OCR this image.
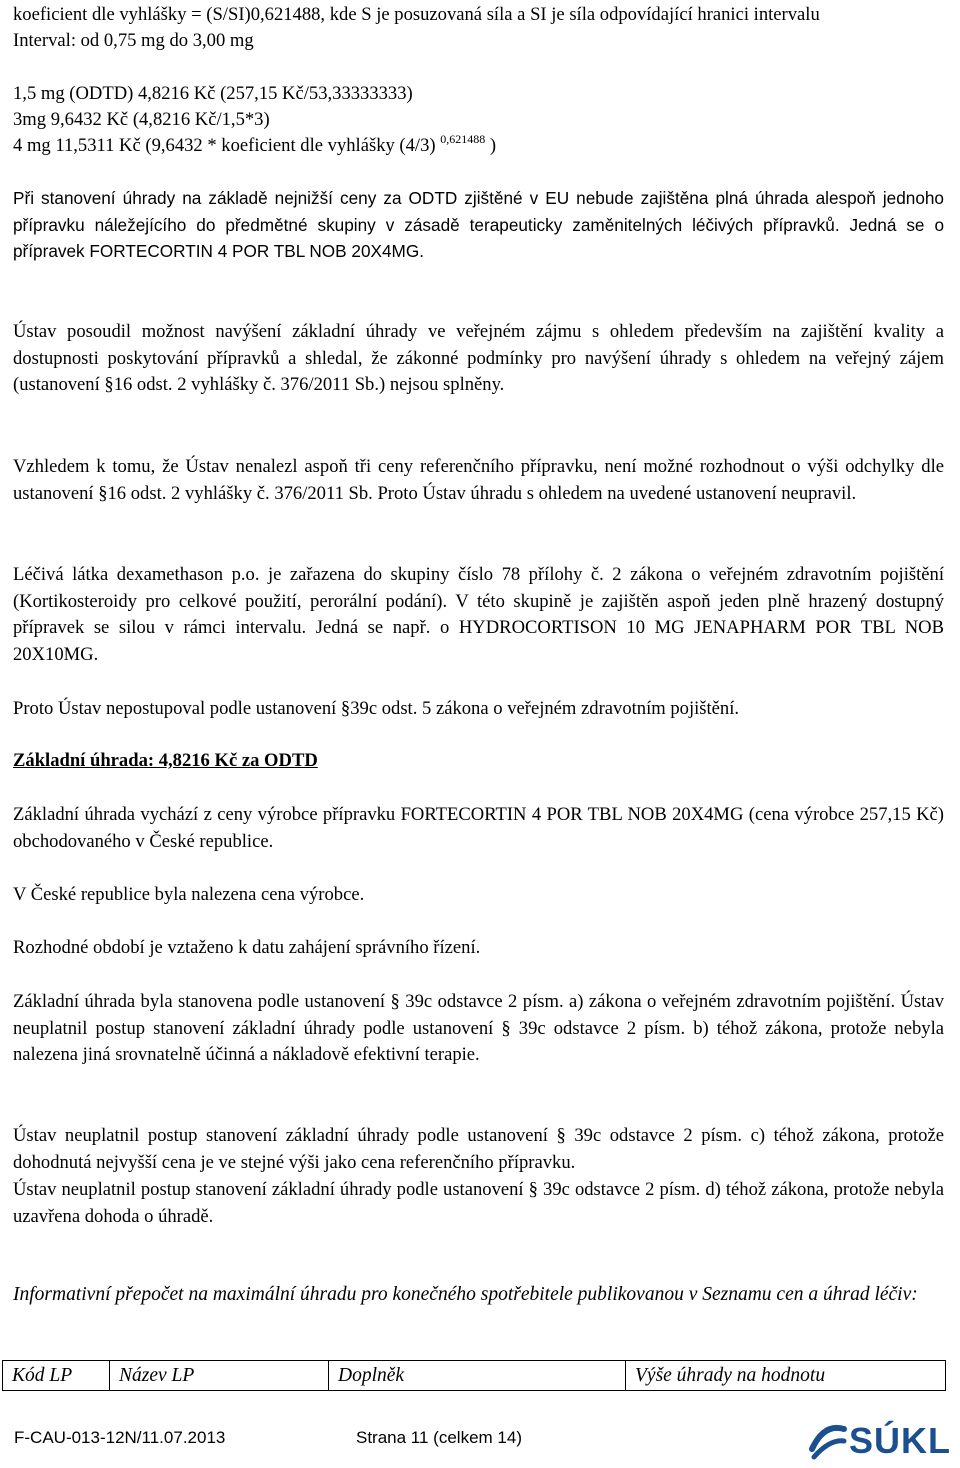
koeficient dle vyhlášky = (S/SI)0,621488, kde S je posuzovaná síla a SI je síla odpovídající hranici intervalu

Interval: od 0,75 mg do 3,00 mg

1,5 mg (ODTD) 4,8216 Kč (257,15 Kč/53,33333333)

3mg 9,6432 Kč (4,8216 Kč/1,5*3)

4 mg 11,5311 Kč (9,6432 * koeficient dle vyhlášky (4/3) $^{0,621488}$ )

Při stanovení úhrady na základě nejnižší ceny za ODTD zjištěné v EU nebude zajištěna plná úhrada alespoň jednoho přípravku náležejícího do předmětné skupiny v zásadě terapeuticky zaměnitelných léčivých přípravků. Jedná se o přípravek FORTECORTIN 4 POR TBL NOB 20X4MG.

Ústav posoudil možnost navýšení základní úhrady ve veřejném zájmu s ohledem především na zajištění kvality a dostupnosti poskytování přípravků a shledal, že zákonné podmínky pro navýšení úhrady s ohledem na veřejný zájem (ustanovení §16 odst. 2 vyhlášky č. 376/2011 Sb.) nejsou splněny.

Vzhledem k tomu, že Ústav nenalezl aspoň tři ceny referenčního přípravku, není možné rozhodnout o výši odchylky dle ustanovení §16 odst. 2 vyhlášky č. 376/2011 Sb. Proto Ústav úhradu s ohledem na uvedené ustanovení neupravil.

Léčivá látka dexamethason p.o. je zařazena do skupiny číslo 78 přílohy č. 2 zákona o veřejném zdravotním pojištění (Kortikosteroidy pro celkové použití, perorální podání). V této skupině je zajištěn aspoň jeden plně hrazený dostupný přípravek se silou v rámci intervalu. Jedná se např. o HYDROCORTISON 10 MG JENAPHARM POR TBL NOB 20X10MG.

Proto Ústav nepostupoval podle ustanovení §39c odst. 5 zákona o veřejném zdravotním pojištění.

Základní úhrada: 4,8216 Kč za ODTD

Základní úhrada vychází z ceny výrobce přípravku FORTECORTIN 4 POR TBL NOB 20X4MG (cena výrobce 257,15 Kč) obchodovaného v České republice.

V České republice byla nalezena cena výrobce.

Rozhodné období je vztaženo k datu zahájení správního řízení.

Základní úhrada byla stanovena podle ustanovení § 39c odstavce 2 písm. a) zákona o veřejném zdravotním pojištění. Ústav neuplatnil postup stanovení základní úhrady podle ustanovení § 39c odstavce 2 písm. b) téhož zákona, protože nebyla nalezena jiná srovnatelně účinná a nákladově efektivní terapie.

Ústav neuplatnil postup stanovení základní úhrady podle ustanovení § 39c odstavce 2 písm. c) téhož zákona, protože dohodnutá nejvyšší cena je ve stejné výši jako cena referenčního přípravku.

Ústav neuplatnil postup stanovení základní úhrady podle ustanovení § 39c odstavce 2 písm. d) téhož zákona, protože nebyla uzavřena dohoda o úhradě.

Informativní přepočet na maximální úhradu pro konečného spotřebitele publikovanou v Seznamu cen a úhrad léčiv:

Kód LP	Název LP	Doplněk	Výše úhrady na hodnotu
F-CAU-013-12N/11.07.2013	Strana 11 (celkem 14)	SÚKL
